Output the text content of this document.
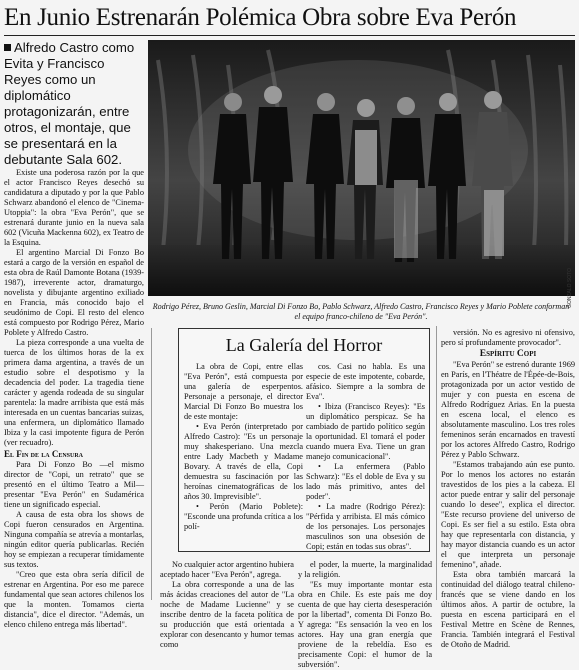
En Junio Estrenarán Polémica Obra sobre Eva Perón
Alfredo Castro como Evita y Francisco Reyes como un diplomático protagonizarán, entre otros, el montaje, que se presentará en la debutante Sala 602.
GONZALO SOTO
Rodrigo Pérez, Bruno Geslin, Marcial Di Fonzo Bo, Pablo Schwarz, Alfredo Castro, Francisco Reyes y Mario Poblete conforman el equipo franco-chileno de "Eva Perón".

Existe una poderosa razón por la que el actor Francisco Reyes desechó su candidatura a diputado y por la que Pablo Schwarz abandonó el elenco de "Cinema-Utoppia": la obra "Eva Perón", que se estrenará durante junio en la nueva sala 602 (Vicuña Mackenna 602), ex Teatro de la Esquina.

El argentino Marcial Di Fonzo Bo estará a cargo de la versión en español de esta obra de Raúl Damonte Botana (1939-1987), irreverente actor, dramaturgo, novelista y dibujante argentino exiliado en Francia, más conocido bajo el seudónimo de Copi. El resto del elenco está compuesto por Rodrigo Pérez, Mario Poblete y Alfredo Castro.

La pieza corresponde a una vuelta de tuerca de los últimos horas de la ex primera dama argentina, a través de un estudio sobre el despotismo y la decadencia del poder. La tragedia tiene carácter y agenda rodeada de su singular parentela: la madre arribista que está más interesada en un cuentas bancarias suizas, una enfermera, un diplomático llamado Ibiza y la casi impotente figura de Perón (ver recuadro).

El Fin de la Censura

Para Di Fonzo Bo —el mismo director de "Copi, un retrato" que se presentó en el último Teatro a Mil— presentar "Eva Perón" en Sudamérica tiene un significado especial.

A causa de esta obra los shows de Copi fueron censurados en Argentina. Ninguna compañía se atrevía a montarlas, ningún editor quería publicarlas. Recién hoy se empiezan a recuperar tímidamente sus textos.

"Creo que esta obra sería difícil de estrenar en Argentina. Por eso me parece fundamental que sean actores chilenos los que la monten. Tomamos cierta distancia", dice el director. "Además, un elenco chileno entrega más libertad".

La Galería del Horror

La obra de Copi, entre ellas "Eva Perón", está compuesta por una galería de esperpentos. Personaje a personaje, el director Marcial Di Fonzo Bo muestra los de este montaje:

• Eva Perón (interpretado por Alfredo Castro): "Es un personaje muy shakesperiano. Una mezcla entre Lady Macbeth y Madame Bovary. A través de ella, Copi demuestra su fascinación por las heroínas cinematográficas de los años 30. Imprevisible".

• Perón (Mario Poblete): "Esconde una profunda crítica a los polí-

cos. Casi no habla. Es una especie de este impotente, cobarde, afásico. Siempre a la sombra de Eva".

• Ibiza (Francisco Reyes): "Es un diplomático perspicaz. Se ha cambiado de partido político según la oportunidad. El tomará el poder cuando muera Eva. Tiene un gran manejo comunicacional".

• La enfermera (Pablo Schwarz): "Es el doble de Eva y su lado más primitivo, antes del poder".

• La madre (Rodrigo Pérez): "Pérfida y arribista. El más cómico de los personajes. Los personajes masculinos son una obsesión de Copi; están en todas sus obras".

No cualquier actor argentino hubiera aceptado hacer "Eva Perón", agrega.

La obra corresponde a una de las más ácidas creaciones del autor de "La noche de Madame Lucienne" y se inscribe dentro de la faceta política de su producción que está orientada a explorar con desencanto y humor temas como

el poder, la muerte, la marginalidad y la religión.

"Es muy importante montar esta obra en Chile. Es este país me doy cuenta de que hay cierta desesperación por la libertad", comenta Di Fonzo Bo. Y agrega: "Es sensación la veo en los actores. Hay una gran energía que proviene de la rebeldía. Eso es precisamente Copi: el humor de la subversión".

versión. No es agresivo ni ofensivo, pero sí profundamente provocador".

Espíritu Copi

"Eva Perón" se estrenó durante 1969 en París, en l'Théatre de l'Épée-de-Bois, protagonizada por un actor vestido de mujer y con puesta en escena de Alfredo Rodríguez Arias. En la puesta en escena local, el elenco es absolutamente masculino. Los tres roles femeninos serán encarnados en travestí por los actores Alfredo Castro, Rodrigo Pérez y Pablo Schwarz.

"Estamos trabajando aún ese punto. Por lo menos los actores no estarán travestidos de los pies a la cabeza. El actor puede entrar y salir del personaje cuando lo desee", explica el director. "Este recurso proviene del universo de Copi. Es ser fiel a su estilo. Esta obra hay que representarla con distancia, y hay mayor distancia cuando es un actor el que interpreta un personaje femenino", añade.

Esta obra también marcará la continuidad del diálogo teatral chileno-francés que se viene dando en los últimos años. A partir de octubre, la puesta en escena participará en el Festival Mettre en Scène de Rennes, Francia. También integrará el Festival de Otoño de Madrid.
